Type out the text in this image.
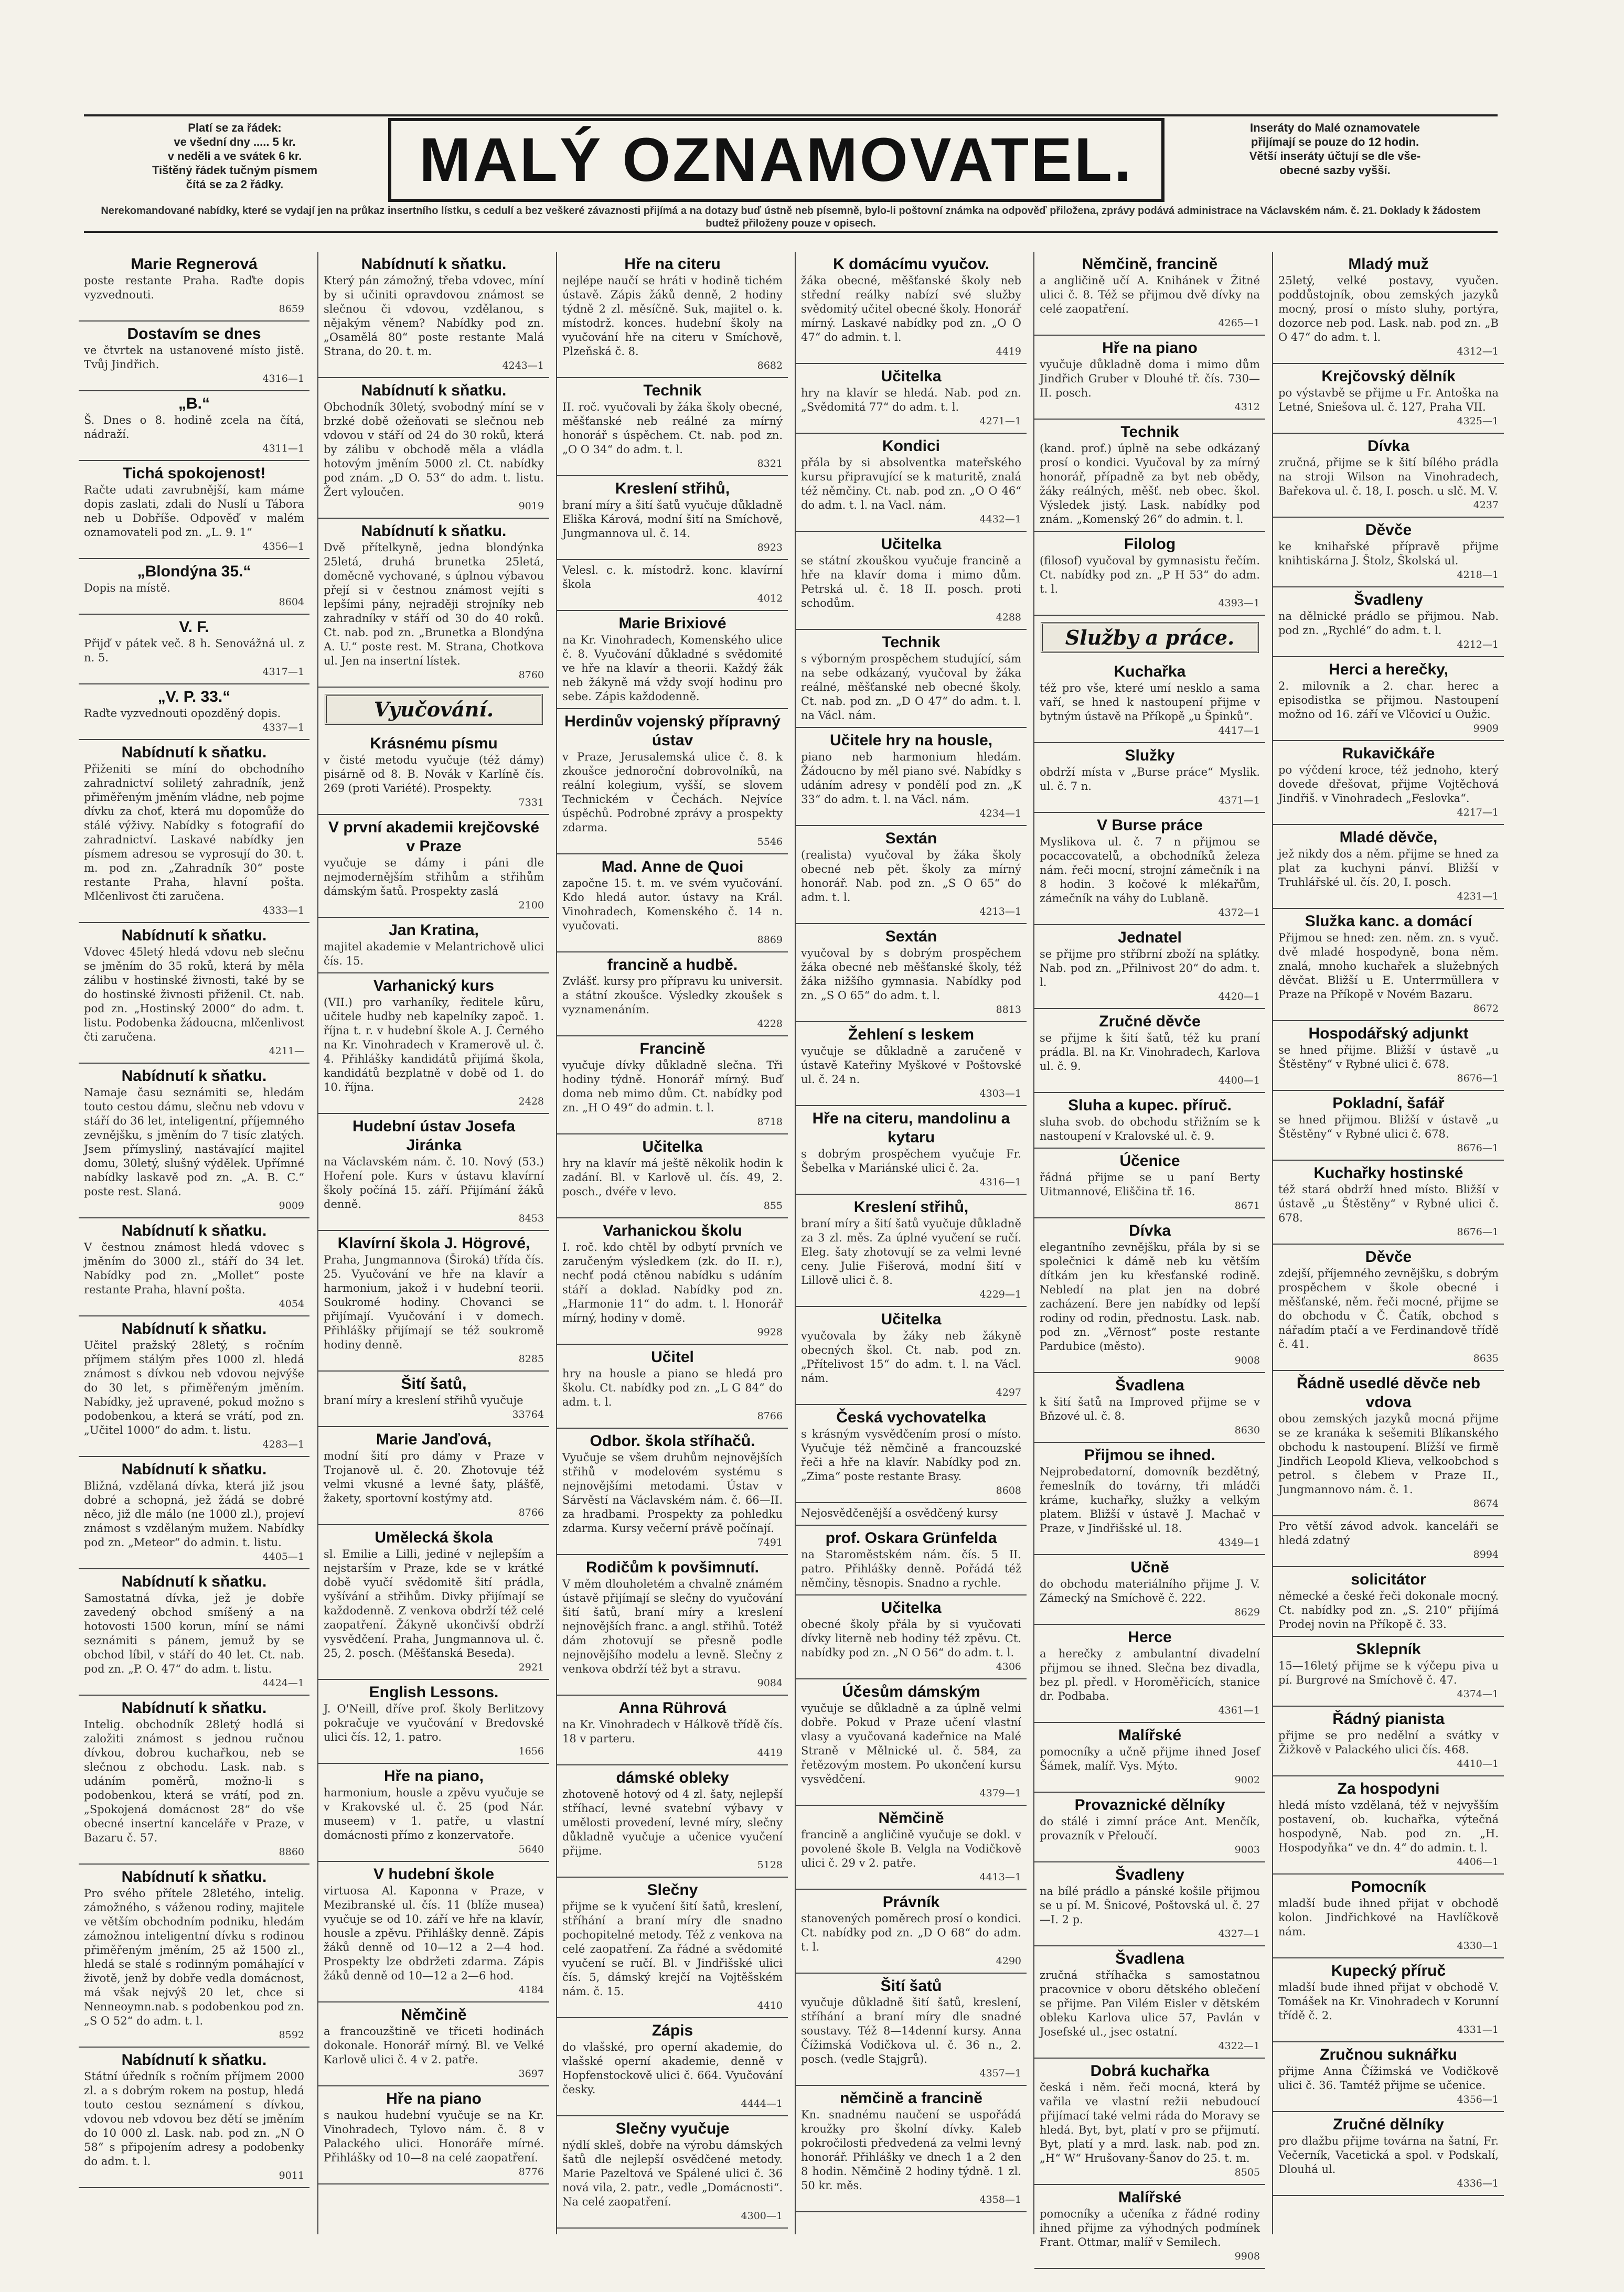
Platí se za řádek:
ve všední dny ..... 5 kr.
v neděli a ve svátek 6 kr.
Tištěný řádek tučným písmem
čítá se za 2 řádky.	MALÝ OZNAMOVATEL.	Inseráty do Malé oznamovatele
přijímají se pouze do 12 hodin.
Větší inseráty účtují se dle vše-
obecné sazby vyšší.
Nerekomandované nabídky, které se vydají jen na průkaz insertního lístku, s cedulí a bez veškeré závaznosti přijímá a na dotazy buď ústně neb písemně, bylo-li poštovní známka na odpověď přiložena, zprávy podává administrace na Václavském nám. č. 21. Doklady k žádostem budtež přiloženy pouze v opisech.
Marie Regnerová
poste restante Praha. Raďte dopis vyzvednouti.
8659
Dostavím se dnes
ve čtvrtek na ustanovené místo jistě. Tvůj Jindřich.
4316—1
„B.“
Š. Dnes o 8. hodině zcela na čítá, nádraží.
4311—1
Tichá spokojenost!
Račte udati zavrubnější, kam máme dopis zaslati, zdali do Nuslí u Tábora neb u Dobříše. Odpověď v malém oznamovateli pod zn. „L. 9. 1“
4356—1
„Blondýna 35.“
Dopis na místě.
8604
V. F.
Přijď v pátek več. 8 h. Senovážná ul. z n. 5.
4317—1
„V. P. 33.“
Raďte vyzvednouti opozděný dopis.
4337—1
Nabídnutí k sňatku.
Přiženiti se míní do obchodního zahradnictví soliletý zahradník, jenž přiměřeným jměním vládne, neb pojme dívku za choť, která mu dopomůže do stálé výživy. Nabídky s fotografií do zahradnictví. Laskavé nabídky jen písmem adresou se vyprosují do 30. t. m. pod zn. „Zahradník 30“ poste restante Praha, hlavní pošta. Mlčenlivost čti zaručena.
4333—1
Nabídnutí k sňatku.
Vdovec 45letý hledá vdovu neb slečnu se jměním do 35 roků, která by měla zálibu v hostinské živnosti, také by se do hostinské živnosti přiženil. Ct. nab. pod zn. „Hostinský 2000“ do adm. t. listu. Podobenka žádoucna, mlčenlivost čti zaručena.
4211—
Nabídnutí k sňatku.
Namaje času seznámiti se, hledám touto cestou dámu, slečnu neb vdovu v stáří do 36 let, inteligentní, příjemného zevnějšku, s jměním do 7 tisíc zlatých. Jsem přímysliný, nastávající majitel domu, 30letý, slušný výdělek. Upřímné nabídky laskavě pod zn. „A. B. C.“ poste rest. Slaná.
9009
Nabídnutí k sňatku.
V čestnou známost hledá vdovec s jměním do 3000 zl., stáří do 34 let. Nabídky pod zn. „Mollet“ poste restante Praha, hlavní pošta.
4054
Nabídnutí k sňatku.
Učitel pražský 28letý, s ročním příjmem stálým přes 1000 zl. hledá známost s dívkou neb vdovou nejvýše do 30 let, s přiměřeným jměním. Nabídky, jež upravené, pokud možno s podobenkou, a která se vrátí, pod zn. „Učitel 1000“ do adm. t. listu.
4283—1
Nabídnutí k sňatku.
Bližná, vzdělaná dívka, která již jsou dobré a schopná, jež žádá se dobré něco, již dle málo (ne 1000 zl.), projeví známost s vzdělaným mužem. Nabídky pod zn. „Meteor“ do admin. t. listu.
4405—1
Nabídnutí k sňatku.
Samostatná dívka, jež je dobře zavedený obchod smíšený a na hotovosti 1500 korun, míní se námi seznámiti s pánem, jemuž by se obchod líbil, v stáří do 40 let. Ct. nab. pod zn. „P. O. 47“ do adm. t. listu.
4424—1
Nabídnutí k sňatku.
Intelig. obchodník 28letý hodlá si založiti známost s jednou ručnou dívkou, dobrou kuchařkou, neb se slečnou z obchodu. Lask. nab. s udáním poměrů, možno-li s podobenkou, která se vrátí, pod zn. „Spokojená domácnost 28“ do vše obecné insertní kanceláře v Praze, v Bazaru č. 57.
8860
Nabídnutí k sňatku.
Pro svého přítele 28letého, intelig. zámožného, s váženou rodiny, majitele ve větším obchodním podniku, hledám zámožnou inteligentní dívku s rodinou přiměřeným jměním, 25 až 1500 zl., hledá se stalé s rodinným pomáhající v životě, jenž by dobře vedla domácnost, má však nejvýš 20 let, chce si Nenneoymn.nab. s podobenkou pod zn. „S O 52“ do adm. t. l.
8592
Nabídnutí k sňatku.
Státní úředník s ročním příjmem 2000 zl. a s dobrým rokem na postup, hledá touto cestou seznámení s dívkou, vdovou neb vdovou bez dětí se jměním do 10 000 zl. Lask. nab. pod zn. „N O 58“ s připojením adresy a podobenky do adm. t. l.
9011
Nabídnutí k sňatku.
Který pán zámožný, třeba vdovec, míní by si učiniti opravdovou známost se slečnou či vdovou, vzdělanou, s nějakým věnem? Nabídky pod zn. „Osamělá 80“ poste restante Malá Strana, do 20. t. m.
4243—1
Nabídnutí k sňatku.
Obchodník 30letý, svobodný míní se v brzké době ožeňovati se slečnou neb vdovou v stáří od 24 do 30 roků, která by zálibu v obchodě měla a vládla hotovým jměním 5000 zl. Ct. nabídky pod znám. „D O. 53“ do adm. t. listu. Žert vyloučen.
9019
Nabídnutí k sňatku.
Dvě přítelkyně, jedna blondýnka 25letá, druhá brunetka 25letá, doměcně vychované, s úplnou výbavou přejí si v čestnou známost vejíti s lepšími pány, nejraději strojníky neb zahradníky v stáří od 30 do 40 roků. Ct. nab. pod zn. „Brunetka a Blondýna A. U.“ poste rest. M. Strana, Chotkova ul. Jen na insertní lístek.
8760
Vyučování.
Krásnému písmu
v čisté metodu vyučuje (též dámy) pisárně od 8. B. Novák v Karlíně čís. 269 (proti Variété). Prospekty.
7331
V první akademii krejčovské v Praze
vyučuje se dámy i páni dle nejmodernějším střihům a střihům dámským šatů. Prospekty zaslá
2100
Jan Kratina,
majitel akademie v Melantrichově ulici čís. 15.
Varhanický kurs
(VII.) pro varhaníky, ředitele kůru, učitele hudby neb kapelníky započ. 1. října t. r. v hudební škole A. J. Černého na Kr. Vinohradech v Kramerově ul. č. 4. Přihlášky kandidátů přijímá škola, kandidátů bezplatně v době od 1. do 10. října.
2428
Hudební ústav Josefa Jiránka
na Václavském nám. č. 10. Nový (53.) Hoření pole. Kurs v ústavu klavírní školy počíná 15. září. Přijímání žáků denně.
8453
Klavírní škola J. Högrové,
Praha, Jungmannova (Široká) třída čís. 25. Vyučování ve hře na klavír a harmonium, jakož i v hudební teorii. Soukromé hodiny. Chovanci se přijímají. Vyučování i v domech. Přihlášky přijímají se též soukromě hodiny denně.
8285
Šití šatů,
braní míry a kreslení střihů vyučuje
33764
Marie Janďová,
modní šití pro dámy v Praze v Trojanově ul. č. 20. Zhotovuje též velmi vkusné a levné šaty, plášťě, žakety, sportovní kostýmy atd.
8766
Umělecká škola
sl. Emilie a Lilli, jediné v nejlepším a nejstarším v Praze, kde se v krátké době vyučí svědomitě šití prádla, vyšívání a střihům. Divky přijímají se každodenně. Z venkova obdrží též celé zaopatření. Žákyně ukončivší obdrží vysvědčení. Praha, Jungmannova ul. č. 25, 2. posch. (Měšťanská Beseda).
2921
English Lessons.
J. O'Neill, dříve prof. školy Berlitzovy pokračuje ve vyučování v Bredovské ulici čís. 12, 1. patro.
1656
Hře na piano,
harmonium, housle a zpěvu vyučuje se v Krakovské ul. č. 25 (pod Nár. museem) v 1. patře, u vlastní domácnosti přímo z konzervatoře.
5640
V hudební škole
virtuosa Al. Kaponna v Praze, v Mezibranské ul. čís. 11 (blíže musea) vyučuje se od 10. září ve hře na klavír, housle a zpěvu. Přihlášky denně. Zápis žáků denně od 10—12 a 2—4 hod. Prospekty lze obdržeti zdarma. Zápis žáků denně od 10—12 a 2—6 hod.
4184
Němčině
a francouzštině ve třiceti hodinách dokonale. Honorář mírný. Bl. ve Velké Karlově ulici č. 4 v 2. patře.
3697
Hře na piano
s naukou hudební vyučuje se na Kr. Vinohradech, Tylovo nám. č. 8 v Palackého ulici. Honoráře mírné. Přihlášky od 10—8 na celé zaopatření.
8776
Hře na citeru
nejlépe naučí se hráti v hodině tichém ústavě. Zápis žáků denně, 2 hodiny týdně 2 zl. měsíčně. Suk, majitel o. k. místodrž. konces. hudební školy na vyučování hře na citeru v Smíchově, Plzeňská č. 8.
8682
Technik
II. roč. vyučovali by žáka školy obecné, měšťanské neb reálné za mírný honorář s úspěchem. Ct. nab. pod zn. „O O 34“ do adm. t. l.
8321
Kreslení střihů,
braní míry a šití šatů vyučuje důkladně Eliška Kárová, modní šití na Smíchově, Jungmannova ul. č. 14.
8923
Velesl. c. k. místodrž. konc. klavírní škola
4012
Marie Brixiové
na Kr. Vinohradech, Komenského ulice č. 8. Vyučování důkladné s svědomité ve hře na klavír a theorii. Každý žák neb žákyně má vždy svojí hodinu pro sebe. Zápis každodenně.
Herdinův vojenský přípravný ústav
v Praze, Jerusalemská ulice č. 8. k zkoušce jednoroční dobrovolníků, na reální kolegium, vyšší, se slovem Technickém v Čechách. Nejvíce úspěchů. Podrobné zprávy a prospekty zdarma.
5546
Mad. Anne de Quoi
započne 15. t. m. ve svém vyučování. Kdo hledá autor. ústavy na Král. Vinohradech, Komenského č. 14 n. vyučovati.
8869
francině a hudbě.
Zvlášť. kursy pro přípravu ku universit. a státní zkoušce. Výsledky zkoušek s vyznamenáním.
4228
Francině
vyučuje dívky důkladně slečna. Tři hodiny týdně. Honorář mírný. Buď doma neb mimo dům. Ct. nabídky pod zn. „H O 49“ do admin. t. l.
8718
Učitelka
hry na klavír má ještě několik hodin k zadání. Bl. v Karlově ul. čís. 49, 2. posch., dvéře v levo.
855
Varhanickou školu
I. roč. kdo chtěl by odbytí prvních ve zaručeným výsledkem (zk. do II. r.), nechť podá ctěnou nabídku s udáním stáří a doklad. Nabídky pod zn. „Harmonie 11“ do adm. t. l. Honorář mírný, hodiny v domě.
9928
Učitel
hry na housle a piano se hledá pro školu. Ct. nabídky pod zn. „L G 84“ do adm. t. l.
8766
Odbor. škola stříhačů.
Vyučuje se všem druhům nejnovějších střihů v modelovém systému s nejnovějšími metodami. Ústav v Sárvěstí na Václavském nám. č. 66—II. za hradbami. Prospekty za pohledku zdarma. Kursy večerní právě počínají.
7491
Rodičům k povšimnutí.
V měm dlouholetém a chvalně známém ústavě přijímají se slečny do vyučování šití šatů, braní míry a kreslení nejnovějších franc. a angl. střihů. Totéž dám zhotovují se přesně podle nejnovějšího modelu a levně. Slečny z venkova obdrží též byt a stravu.
9084
Anna Rührová
na Kr. Vinohradech v Hálkově třídě čís. 18 v parteru.
4419
dámské obleky
zhotoveně hotový od 4 zl. šaty, nejlepší stříhací, levné svatební výbavy v umělosti provedení, levné míry, slečny důkladně vyučuje a učenice vyučení přijme.
5128
Slečny
přijme se k vyučení šití šatů, kreslení, stříhání a braní míry dle snadno pochopitelné metody. Též z venkova na celé zaopatření. Za řádné a svědomité vyučení se ručí. Bl. v Jindřišské ulici čís. 5, dámský krejčí na Vojtěšském nám. č. 15.
4410
Zápis
do vlašské, pro operní akademie, do vlašské operní akademie, denně v Hopfenstockově ulici č. 664. Vyučování česky.
4444—1
Slečny vyučuje
nýdlí skleš, dobře na výrobu dámských šatů dle nejlepší osvědčené metody. Marie Pazeltová ve Spálené ulici č. 36 nová vila, 2. patr., vedle „Domácnosti“. Na celé zaopatření.
4300—1
K domácímu vyučov.
žáka obecné, měšťanské školy neb střední reálky nabízí své služby svědomitý učitel obecné školy. Honorář mírný. Laskavé nabídky pod zn. „O O 47“ do admin. t. l.
4419
Učitelka
hry na klavír se hledá. Nab. pod zn. „Svědomitá 77“ do adm. t. l.
4271—1
Kondici
přála by si absolventka mateřského kursu připravující se k maturitě, znalá též němčiny. Ct. nab. pod zn. „O O 46“ do adm. t. l. na Vacl. nám.
4432—1
Učitelka
se státní zkouškou vyučuje francině a hře na klavír doma i mimo dům. Petrská ul. č. 18 II. posch. proti schodům.
4288
Technik
s výborným prospěchem studující, sám na sebe odkázaný, vyučoval by žáka reálné, měšťanské neb obecné školy. Ct. nab. pod zn. „D O 47“ do adm. t. l. na Václ. nám.
Učitele hry na housle,
piano neb harmonium hledám. Žádoucno by měl piano své. Nabídky s udáním adresy v pondělí pod zn. „K 33“ do adm. t. l. na Václ. nám.
4234—1
Sextán
(realista) vyučoval by žáka školy obecné neb pět. školy za mírný honorář. Nab. pod zn. „S O 65“ do adm. t. l.
4213—1
Sextán
vyučoval by s dobrým prospěchem žáka obecné neb měšťanské školy, též žáka nižšího gymnasia. Nabídky pod zn. „S O 65“ do adm. t. l.
8813
Žehlení s leskem
vyučuje se důkladně a zaručeně v ústavě Kateřiny Myškové v Poštovské ul. č. 24 n.
4303—1
Hře na citeru, mandolinu a kytaru
s dobrým prospěchem vyučuje Fr. Šebelka v Mariánské ulici č. 2a.
4316—1
Kreslení střihů,
braní míry a šití šatů vyučuje důkladně za 3 zl. měs. Za úplné vyučení se ručí. Eleg. šaty zhotovují se za velmi levné ceny. Julie Fišerová, modní šití v Lillově ulici č. 8.
4229—1
Učitelka
vyučovala by žáky neb žákyně obecných škol. Ct. nab. pod zn. „Přítelivost 15“ do adm. t. l. na Václ. nám.
4297
Česká vychovatelka
s krásným vysvědčením prosí o místo. Vyučuje též němčině a francouzské řeči a hře na klavír. Nabídky pod zn. „Zima“ poste restante Brasy.
8608
Nejosvědčenější a osvědčený kursy
prof. Oskara Grünfelda
na Staroměstském nám. čís. 5 II. patro. Přihlášky denně. Pořádá též němčiny, těsnopis. Snadno a rychle.
Učitelka
obecné školy přála by si vyučovati dívky literně neb hodiny též zpěvu. Ct. nabídky pod zn. „N O 56“ do adm. t. l.
4306
Účesům dámským
vyučuje se důkladně a za úplně velmi dobře. Pokud v Praze učení vlastní vlasy a vyučovaná kadeřnice na Malé Straně v Mělnické ul. č. 584, za řetězovým mostem. Po ukončení kursu vysvědčení.
4379—1
Němčině
francině a angličině vyučuje se dokl. v povolené škole B. Velgla na Vodičkově ulici č. 29 v 2. patře.
4413—1
Právník
stanovených poměrech prosí o kondici. Ct. nabídky pod zn. „D O 68“ do adm. t. l.
4290
Šití šatů
vyučuje důkladně šití šatů, kreslení, stříhání a braní míry dle snadné soustavy. Též 8—14denní kursy. Anna Čížimská Vodičkova ul. č. 36 n., 2. posch. (vedle Stajgrů).
4357—1
němčině a francině
Kn. snadnému naučení se uspořádá kroužky pro školní dívky. Kaleb pokročilosti předvedená za velmi levný honorář. Přihlášky ve dnech 1 a 2 den 8 hodin. Němčině 2 hodiny týdně. 1 zl. 50 kr. měs.
4358—1
Němčině, francině
a angličině učí A. Knihánek v Žitné ulici č. 8. Též se přijmou dvě dívky na celé zaopatření.
4265—1
Hře na piano
vyučuje důkladně doma i mimo dům Jindřich Gruber v Dlouhé tř. čís. 730—II. posch.
4312
Technik
(kand. prof.) úplně na sebe odkázaný prosí o kondici. Vyučoval by za mírný honorář, případně za byt neb obědy, žáky reálných, měšť. neb obec. škol. Výsledek jistý. Lask. nabídky pod znám. „Komenský 26“ do admin. t. l.
Filolog
(filosof) vyučoval by gymnasistu řečím. Ct. nabídky pod zn. „P H 53“ do adm. t. l.
4393—1
Služby a práce.
Kuchařka
též pro vše, které umí nesklo a sama vaří, se hned k nastoupení přijme v bytným ústavě na Příkopě „u Špinků“.
4417—1
Služky
obdrží místa v „Burse práce“ Myslik. ul. č. 7 n.
4371—1
V Bursе práce
Myslikova ul. č. 7 n přijmou se pocaccovatelů, a obchodníků železa nám. řeči mocní, strojní zámečník i na 8 hodin. 3 kočové k mlékařům, zámečník na váhy do Lublaně.
4372—1
Jednatel
se přijme pro stříbrní zboží na splátky. Nab. pod zn. „Přilnivost 20“ do adm. t. l.
4420—1
Zručné děvče
se přijme k šití šatů, též ku praní prádla. Bl. na Kr. Vinohradech, Karlova ul. č. 9.
4400—1
Sluha a kupec. příruč.
sluha svob. do obchodu střižním se k nastoupení v Kralovské ul. č. 9.
Účenice
řádná přijme se u paní Berty Uitmannové, Eliščina tř. 16.
8671
Dívka
elegantního zevnějšku, přála by si se společnici k dámě neb ku větším dítkám jen ku křesťanské rodině. Nebledí na plat jen na dobré zacházení. Bere jen nabídky od lepší rodiny od rodin, přednostu. Lask. nab. pod zn. „Věrnost“ poste restante Pardubice (město).
9008
Švadlena
k šití šatů na Improved přijme se v Bňzové ul. č. 8.
8630
Přijmou se ihned.
Nejprobedatorní, domovník bezdětný, řemeslník do továrny, tři mládči kráme, kuchařky, služky a velkým platem. Bližší v ústavě J. Machač v Praze, v Jindřišské ul. 18.
4349—1
Učně
do obchodu materiálního přijme J. V. Zámecký na Smíchově č. 222.
8629
Herce
a herečky z ambulantní divadelní přijmou se ihned. Slečna bez divadla, bez pl. předl. v Horoměřicích, stanice dr. Podbaba.
4361—1
Malířské
pomocníky a učně přijme ihned Josef Šámek, malíř. Vys. Mýto.
9002
Provaznické dělníky
do stálé i zimní práce Ant. Menčík, provazník v Přeloučí.
9003
Švadleny
na bílé prádlo a pánské košile přijmou se u pí. M. Šnicové, Poštovská ul. č. 27—I. 2 p.
4327—1
Švadlena
zručná stříhačka s samostatnou pracovnice v oboru dětského oblečení se přijme. Pan Vilém Eisler v dětském obleku Karlova ulice 57, Pavlán v Josefské ul., jsec ostatní.
4322—1
Dobrá kuchařka
česká i něm. řeči mocná, která by vařila ve vlastní režii nebudoucí přijímací také velmi ráda do Moravy se hledá. Byt, byt, platí v pro se přijmutí. Byt, platí y a mrd. lask. nab. pod zn. „H“ W“ Hrušovany-Šanov do 25. t. m.
8505
Malířské
pomocníky a učeníka z řádné rodiny ihned přijme za výhodných podmínek Frant. Ottmar, malíř v Semilech.
9908
Mladý muž
25letý, velké postavy, vyučen. poddůstojník, obou zemských jazyků mocný, prosí o místo sluhy, portýra, dozorce neb pod. Lask. nab. pod zn. „B O 47“ do adm. t. l.
4312—1
Krejčovský dělník
po výstavbě se přijme u Fr. Antoška na Letné, Sniešova ul. č. 127, Praha VII.
4325—1
Dívka
zručná, přijme se k šití bílého prádla na stroji Wilson na Vinohradech, Bařekova ul. č. 18, I. posch. u slč. M. V.
4237
Děvče
ke knihařské přípravě přijme knihtiskárna J. Štolz, Školská ul.
4218—1
Švadleny
na dělnické prádlo se přijmou. Nab. pod zn. „Rychlé“ do adm. t. l.
4212—1
Herci a herečky,
2. milovník a 2. char. herec a episodistka se přijmou. Nastoupení možno od 16. září ve Vlčovicí u Oužic.
9909
Rukavičkáře
po výčdení kroce, též jednoho, který dovede dřešovat, přijme Vojtěchová Jindřiš. v Vinohradech „Feslovka“.
4217—1
Mladé děvče,
jež nikdy dos a něm. přijme se hned za plat za kuchyni pánví. Bližší v Truhlářské ul. čís. 20, I. posch.
4231—1
Služka kanc. a domácí
Přijmou se hned: zen. něm. zn. s vyuč. dvě mladé hospodyně, bona něm. znalá, mnoho kuchařek a služebných děvčat. Bližší u E. Unterrmüllera v Praze na Příkopě v Novém Bazaru.
8672
Hospodářský adjunkt
se hned přijme. Bližší v ústavě „u Štěstěny“ v Rybné ulici č. 678.
8676—1
Pokladní, šafář
se hned přijmou. Bližší v ústavě „u Štěstěny“ v Rybné ulici č. 678.
8676—1
Kuchařky hostinské
též stará obdrží hned místo. Bližší v ústavě „u Štěstěny“ v Rybné ulici č. 678.
8676—1
Děvče
zdejší, příjemného zevnějšku, s dobrým prospěchem v škole obecné i měšťanské, něm. řeči mocné, přijme se do obchodu v Č. Čatík, obchod s nářadím ptačí a ve Ferdinandově třídě č. 41.
8635
Řádně usedlé děvče neb vdova
obou zemských jazyků mocná přijme se ze kranáka k sešemiti Blíkanského obchodu k nastoupení. Blížší ve firmě Jindřich Leopold Klieva, velkoobchod s petrol. s člebem v Praze II., Jungmannovo nám. č. 1.
8674
Pro větší závod advok. kanceláři se hledá zdatný
8994
solicitátor
německé a české řeči dokonale mocný. Ct. nabídky pod zn. „S. 210“ přijímá Prodej novin na Příkopě č. 33.
Sklepník
15—16letý přijme se k výčepu piva u pí. Burgrové na Smíchově č. 47.
4374—1
Řádný pianista
přijme se pro nedělní a svátky v Žižkově v Palackého ulici čís. 468.
4410—1
Za hospodyni
hledá místo vzdělaná, též v nejvyšším postavení, ob. kuchařka, výtečná hospodyně, Nab. pod zn. „H. Hospodyňka“ ve dn. 4“ do admin. t. l.
4406—1
Pomocník
mladší bude ihned přijat v obchodě kolon. Jindřichkové na Havlíčkově nám.
4330—1
Kupecký příruč
mladší bude ihned přijat v obchodě V. Tomášek na Kr. Vinohradech v Korunní třídě č. 2.
4331—1
Zručnou suknářku
přijme Anna Čížimská ve Vodičkově ulici č. 36. Tamtéž přijme se učenice.
4356—1
Zručné dělníky
pro dlažbu přijme továrna na šatní, Fr. Večerník, Vacetická a spol. v Podskalí, Dlouhá ul.
4336—1
